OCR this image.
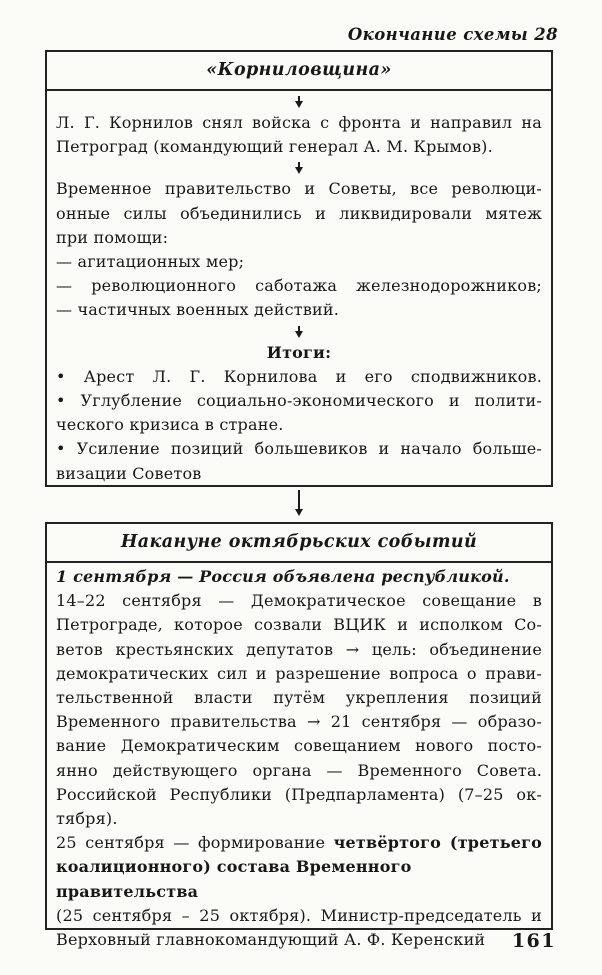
Окончание схемы 28
«Корниловщина»
Л. Г. Корнилов снял войска с фронта и направил на
Петроград (командующий генерал А. М. Крымов).
Временное правительство и Советы, все революци-
онные силы объединились и ликвидировали мятеж
при помощи:
— агитационных мер;
— революционного саботажа железнодорожников;
— частичных военных действий.
Итоги:
• Арест Л. Г. Корнилова и его сподвижников.
• Углубление социально-экономического и полити-
ческого кризиса в стране.
• Усиление позиций большевиков и начало больше-
визации Советов
Накануне октябрьских событий
1 сентября — Россия объявлена республикой.
14–22 сентября — Демократическое совещание в
Петрограде, которое созвали ВЦИК и исполком Со-
ветов крестьянских депутатов → цель: объединение
демократических сил и разрешение вопроса о прави-
тельственной власти путём укрепления позиций
Временного правительства → 21 сентября — образо-
вание Демократическим совещанием нового посто-
янно действующего органа — Временного Совета.
Российской Республики (Предпарламента) (7–25 ок-
тября).
25 сентября — формирование четвёртого (третьего
коалиционного) состава Временного правительства
(25 сентября – 25 октября). Министр-председатель и
Верховный главнокомандующий А. Ф. Керенский	161
